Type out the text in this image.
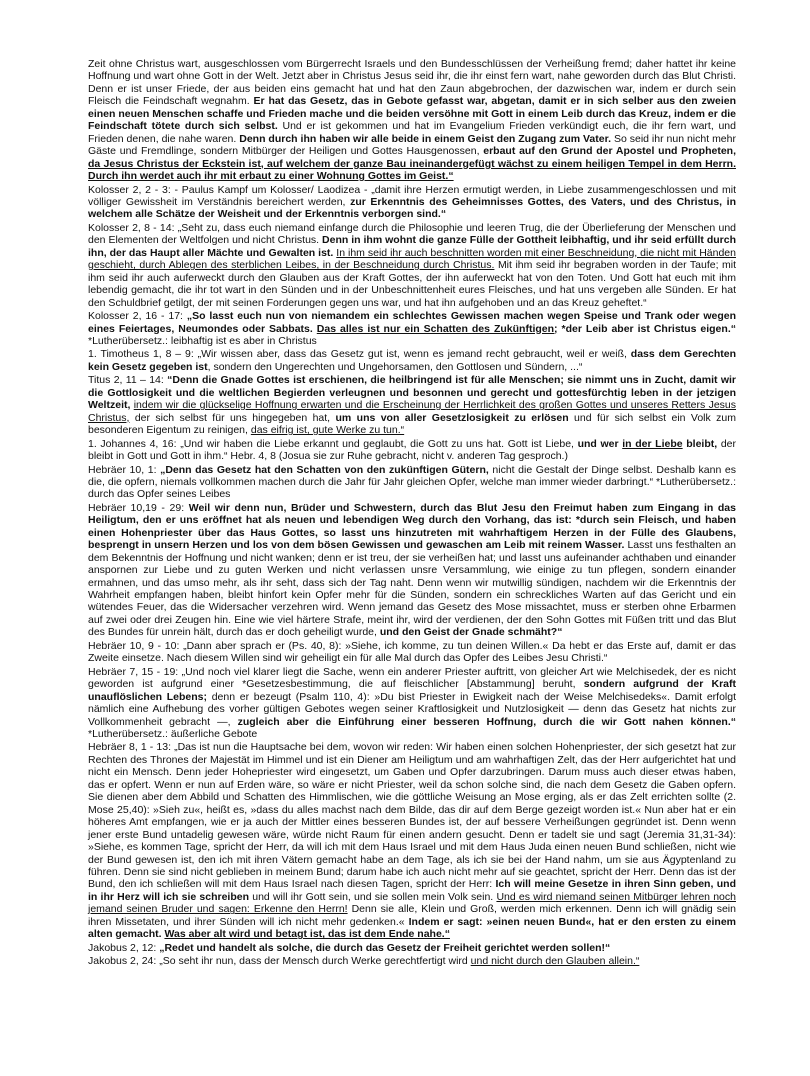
Zeit ohne Christus wart, ausgeschlossen vom Bürgerrecht Israels und den Bundesschlüssen der Verheißung fremd; daher hattet ihr keine Hoffnung und wart ohne Gott in der Welt. Jetzt aber in Christus Jesus seid ihr, die ihr einst fern wart, nahe geworden durch das Blut Christi. Denn er ist unser Friede, der aus beiden eins gemacht hat und hat den Zaun abgebrochen, der dazwischen war, indem er durch sein Fleisch die Feindschaft wegnahm. Er hat das Gesetz, das in Gebote gefasst war, abgetan, damit er in sich selber aus den zweien einen neuen Menschen schaffe und Frieden mache und die beiden versöhne mit Gott in einem Leib durch das Kreuz, indem er die Feindschaft tötete durch sich selbst. Und er ist gekommen und hat im Evangelium Frieden verkündigt euch, die ihr fern wart, und Frieden denen, die nahe waren. Denn durch ihn haben wir alle beide in einem Geist den Zugang zum Vater. So seid ihr nun nicht mehr Gäste und Fremdlinge, sondern Mitbürger der Heiligen und Gottes Hausgenossen, erbaut auf den Grund der Apostel und Propheten, da Jesus Christus der Eckstein ist, auf welchem der ganze Bau ineinandergefügt wächst zu einem heiligen Tempel in dem Herrn. Durch ihn werdet auch ihr mit erbaut zu einer Wohnung Gottes im Geist.“

Kolosser 2, 2 - 3: - Paulus Kampf um Kolosser/ Laodizea - „damit ihre Herzen ermutigt werden, in Liebe zusammengeschlossen und mit völliger Gewissheit im Verständnis bereichert werden, zur Erkenntnis des Geheimnisses Gottes, des Vaters, und des Christus, in welchem alle Schätze der Weisheit und der Erkenntnis verborgen sind.“

Kolosser 2, 8 - 14: „Seht zu, dass euch niemand einfange durch die Philosophie und leeren Trug, die der Überlieferung der Menschen und den Elementen der Weltfolgen und nicht Christus. Denn in ihm wohnt die ganze Fülle der Gottheit leibhaftig, und ihr seid erfüllt durch ihn, der das Haupt aller Mächte und Gewalten ist. In ihm seid ihr auch beschnitten worden mit einer Beschneidung, die nicht mit Händen geschieht, durch Ablegen des sterblichen Leibes, in der Beschneidung durch Christus. Mit ihm seid ihr begraben worden in der Taufe; mit ihm seid ihr auch auferweckt durch den Glauben aus der Kraft Gottes, der ihn auferweckt hat von den Toten. Und Gott hat euch mit ihm lebendig gemacht, die ihr tot wart in den Sünden und in der Unbeschnittenheit eures Fleisches, und hat uns vergeben alle Sünden. Er hat den Schuldbrief getilgt, der mit seinen Forderungen gegen uns war, und hat ihn aufgehoben und an das Kreuz geheftet.“

Kolosser 2, 16 - 17: „So lasst euch nun von niemandem ein schlechtes Gewissen machen wegen Speise und Trank oder wegen eines Feiertages, Neumondes oder Sabbats. Das alles ist nur ein Schatten des Zukünftigen; *der Leib aber ist Christus eigen.“ *Lutherübersetz.: leibhaftig ist es aber in Christus

1. Timotheus 1, 8 – 9: „Wir wissen aber, dass das Gesetz gut ist, wenn es jemand recht gebraucht, weil er weiß, dass dem Gerechten kein Gesetz gegeben ist, sondern den Ungerechten und Ungehorsamen, den Gottlosen und Sündern, ...“

Titus 2, 11 – 14: “Denn die Gnade Gottes ist erschienen, die heilbringend ist für alle Menschen; sie nimmt uns in Zucht, damit wir die Gottlosigkeit und die weltlichen Begierden verleugnen und besonnen und gerecht und gottesfürchtig leben in der jetzigen Weltzeit, indem wir die glückselige Hoffnung erwarten und die Erscheinung der Herrlichkeit des großen Gottes und unseres Retters Jesus Christus, der sich selbst für uns hingegeben hat, um uns von aller Gesetzlosigkeit zu erlösen und für sich selbst ein Volk zum besonderen Eigentum zu reinigen, das eifrig ist, gute Werke zu tun.“

1. Johannes 4, 16: „Und wir haben die Liebe erkannt und geglaubt, die Gott zu uns hat. Gott ist Liebe, und wer in der Liebe bleibt, der bleibt in Gott und Gott in ihm.“ Hebr. 4, 8 (Josua sie zur Ruhe gebracht, nicht v. anderen Tag gesproch.)

Hebräer 10, 1: „Denn das Gesetz hat den Schatten von den zukünftigen Gütern, nicht die Gestalt der Dinge selbst. Deshalb kann es die, die opfern, niemals vollkommen machen durch die Jahr für Jahr gleichen Opfer, welche man immer wieder darbringt.“ *Lutherübersetz.: durch das Opfer seines Leibes

Hebräer 10,19 - 29: Weil wir denn nun, Brüder und Schwestern, durch das Blut Jesu den Freimut haben zum Eingang in das Heiligtum, den er uns eröffnet hat als neuen und lebendigen Weg durch den Vorhang, das ist: *durch sein Fleisch, und haben einen Hohenpriester über das Haus Gottes, so lasst uns hinzutreten mit wahrhaftigem Herzen in der Fülle des Glaubens, besprengt in unsern Herzen und los von dem bösen Gewissen und gewaschen am Leib mit reinem Wasser. Lasst uns festhalten an dem Bekenntnis der Hoffnung und nicht wanken; denn er ist treu, der sie verheißen hat; und lasst uns aufeinander achthaben und einander anspornen zur Liebe und zu guten Werken und nicht verlassen unsre Versammlung, wie einige zu tun pflegen, sondern einander ermahnen, und das umso mehr, als ihr seht, dass sich der Tag naht. Denn wenn wir mutwillig sündigen, nachdem wir die Erkenntnis der Wahrheit empfangen haben, bleibt hinfort kein Opfer mehr für die Sünden, sondern ein schreckliches Warten auf das Gericht und ein wütendes Feuer, das die Widersacher verzehren wird. Wenn jemand das Gesetz des Mose missachtet, muss er sterben ohne Erbarmen auf zwei oder drei Zeugen hin. Eine wie viel härtere Strafe, meint ihr, wird der verdienen, der den Sohn Gottes mit Füßen tritt und das Blut des Bundes für unrein hält, durch das er doch geheiligt wurde, und den Geist der Gnade schmäht?“

Hebräer 10, 9 - 10: „Dann aber sprach er (Ps. 40, 8): »Siehe, ich komme, zu tun deinen Willen.« Da hebt er das Erste auf, damit er das Zweite einsetze. Nach diesem Willen sind wir geheiligt ein für alle Mal durch das Opfer des Leibes Jesu Christi.“

Hebräer 7, 15 - 19: „Und noch viel klarer liegt die Sache, wenn ein anderer Priester auftritt, von gleicher Art wie Melchisedek, der es nicht geworden ist aufgrund einer *Gesetzesbestimmung, die auf fleischlicher [Abstammung] beruht, sondern aufgrund der Kraft unauflöslichen Lebens; denn er bezeugt (Psalm 110, 4): »Du bist Priester in Ewigkeit nach der Weise Melchisedeks«. Damit erfolgt nämlich eine Aufhebung des vorher gültigen Gebotes wegen seiner Kraftlosigkeit und Nutzlosigkeit — denn das Gesetz hat nichts zur Vollkommenheit gebracht —, zugleich aber die Einführung einer besseren Hoffnung, durch die wir Gott nahen können.“ *Lutherübersetz.: äußerliche Gebote

Hebräer 8, 1 - 13: „Das ist nun die Hauptsache bei dem, wovon wir reden: Wir haben einen solchen Hohenpriester, der sich gesetzt hat zur Rechten des Thrones der Majestät im Himmel und ist ein Diener am Heiligtum und am wahrhaftigen Zelt, das der Herr aufgerichtet hat und nicht ein Mensch. Denn jeder Hohepriester wird eingesetzt, um Gaben und Opfer darzubringen. Darum muss auch dieser etwas haben, das er opfert. Wenn er nun auf Erden wäre, so wäre er nicht Priester, weil da schon solche sind, die nach dem Gesetz die Gaben opfern. Sie dienen aber dem Abbild und Schatten des Himmlischen, wie die göttliche Weisung an Mose erging, als er das Zelt errichten sollte (2. Mose 25,40): »Sieh zu«, heißt es, »dass du alles machst nach dem Bilde, das dir auf dem Berge gezeigt worden ist.« Nun aber hat er ein höheres Amt empfangen, wie er ja auch der Mittler eines besseren Bundes ist, der auf bessere Verheißungen gegründet ist. Denn wenn jener erste Bund untadelig gewesen wäre, würde nicht Raum für einen andern gesucht. Denn er tadelt sie und sagt (Jeremia 31,31-34): »Siehe, es kommen Tage, spricht der Herr, da will ich mit dem Haus Israel und mit dem Haus Juda einen neuen Bund schließen, nicht wie der Bund gewesen ist, den ich mit ihren Vätern gemacht habe an dem Tage, als ich sie bei der Hand nahm, um sie aus Ägyptenland zu führen. Denn sie sind nicht geblieben in meinem Bund; darum habe ich auch nicht mehr auf sie geachtet, spricht der Herr. Denn das ist der Bund, den ich schließen will mit dem Haus Israel nach diesen Tagen, spricht der Herr: Ich will meine Gesetze in ihren Sinn geben, und in ihr Herz will ich sie schreiben und will ihr Gott sein, und sie sollen mein Volk sein. Und es wird niemand seinen Mitbürger lehren noch jemand seinen Bruder und sagen: Erkenne den Herrn! Denn sie alle, Klein und Groß, werden mich erkennen. Denn ich will gnädig sein ihren Missetaten, und ihrer Sünden will ich nicht mehr gedenken.« Indem er sagt: »einen neuen Bund«, hat er den ersten zu einem alten gemacht. Was aber alt wird und betagt ist, das ist dem Ende nahe.“

Jakobus 2, 12: „Redet und handelt als solche, die durch das Gesetz der Freiheit gerichtet werden sollen!“

Jakobus 2, 24: „So seht ihr nun, dass der Mensch durch Werke gerechtfertigt wird und nicht durch den Glauben allein.“
